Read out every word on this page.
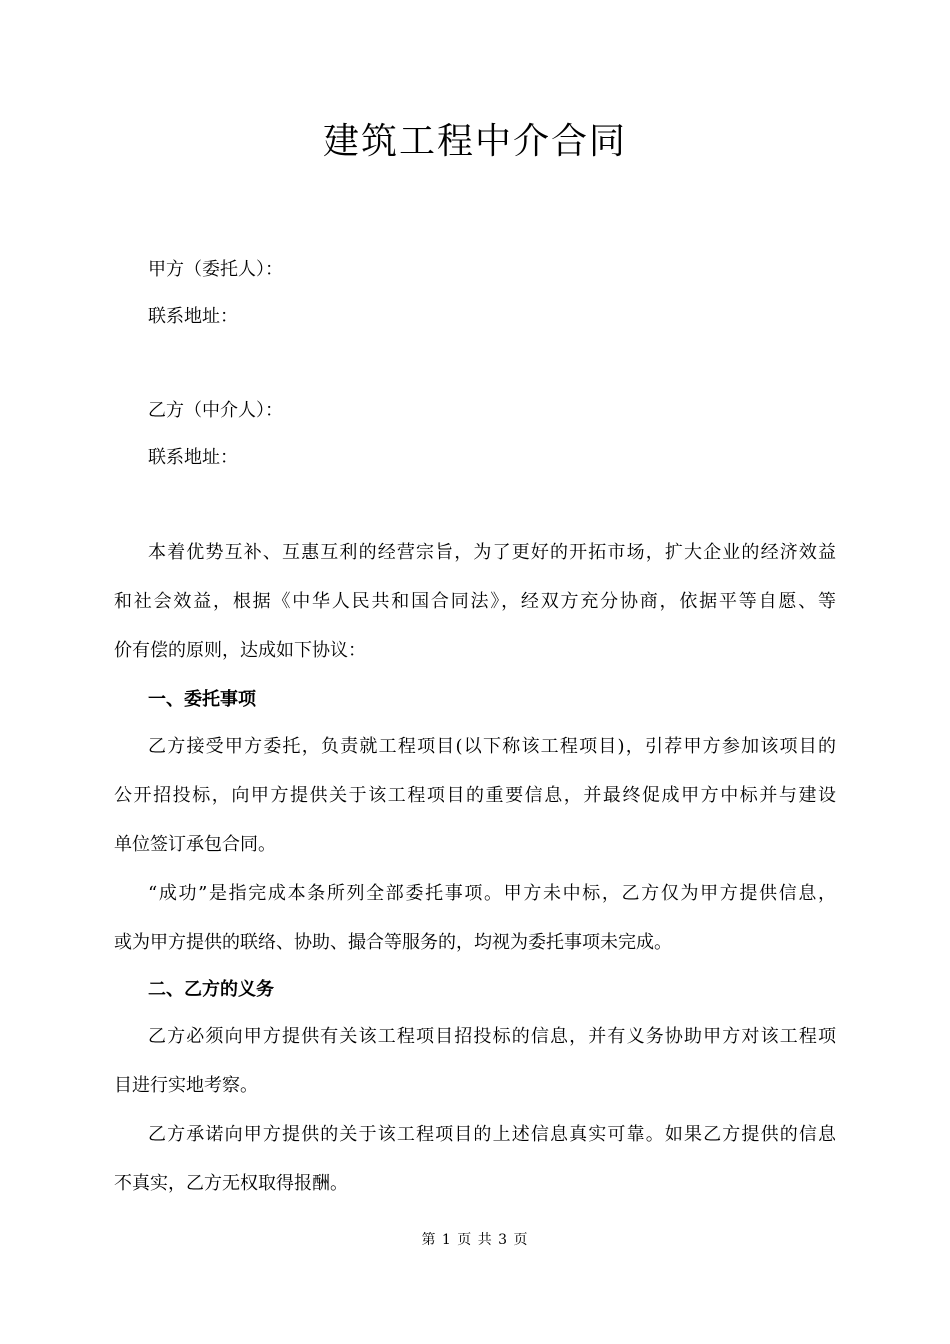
建筑工程中介合同
甲方（委托人）：
联系地址：
乙方（中介人）：
联系地址：
本着优势互补、互惠互利的经营宗旨，为了更好的开拓市场，扩大企业的经济效益
和社会效益，根据《中华人民共和国合同法》，经双方充分协商，依据平等自愿、等
价有偿的原则，达成如下协议：
一、委托事项
乙方接受甲方委托，负责就工程项目(以下称该工程项目)，引荐甲方参加该项目的
公开招投标，向甲方提供关于该工程项目的重要信息，并最终促成甲方中标并与建设
单位签订承包合同。
“成功”是指完成本条所列全部委托事项。甲方未中标，乙方仅为甲方提供信息，
或为甲方提供的联络、协助、撮合等服务的，均视为委托事项未完成。
二、乙方的义务
乙方必须向甲方提供有关该工程项目招投标的信息，并有义务协助甲方对该工程项
目进行实地考察。
乙方承诺向甲方提供的关于该工程项目的上述信息真实可靠。如果乙方提供的信息
不真实，乙方无权取得报酬。
第 1 页 共 3 页
